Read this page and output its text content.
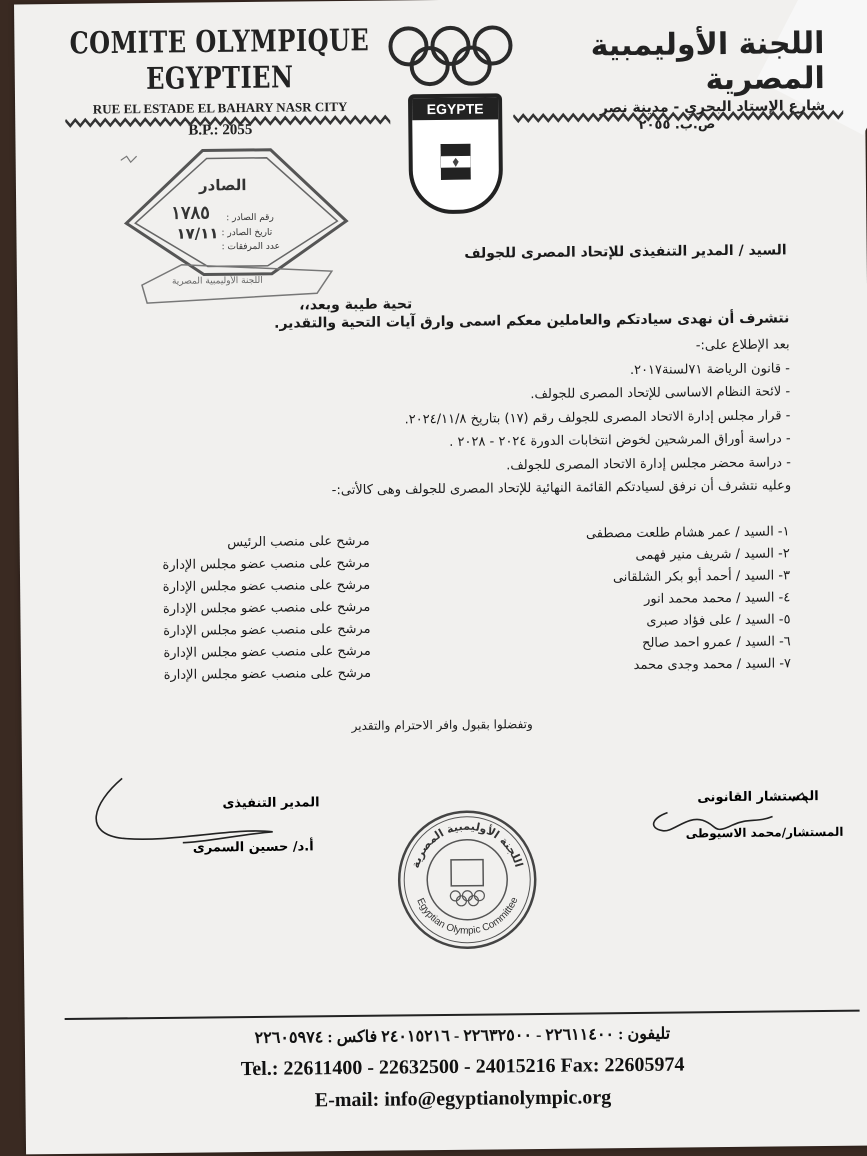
COMITE OLYMPIQUE EGYPTIEN
RUE EL ESTADE EL BAHARY NASR CITY
B.P.: 2055
اللجنة الأوليمبية المصرية
شارع الإستاد البحري - مدينة نصر
ص.ب. ٢٠٥٥
EGYPTE
الصادر
١٧٨٥ رقم الصادر :
تاريخ الصادر :
عدد المرفقات :
١٧/١١
اللجنة الأوليمبية المصرية
السيد / المدير التنفيذى للإتحاد المصرى للجولف
تحية طيبة وبعد،،
نتشرف أن نهدى سيادتكم والعاملين معكم اسمى وارق آيات التحية والتقدير.
بعد الإطلاع على:-
- قانون الرياضة ٧١لسنة٢٠١٧.
- لائحة النظام الاساسى للإتحاد المصرى للجولف.
- قرار مجلس إدارة الاتحاد المصرى للجولف رقم (١٧) بتاريخ ٢٠٢٤/١١/٨.
- دراسة أوراق المرشحين لخوض انتخابات الدورة ٢٠٢٤ - ٢٠٢٨ .
- دراسة محضر مجلس إدارة الاتحاد المصرى للجولف.
وعليه نتشرف أن نرفق لسيادتكم القائمة النهائية للإتحاد المصرى للجولف وهى كالأتى:-
١- السيد / عمر هشام طلعت مصطفى
٢- السيد / شريف منير فهمى
٣- السيد / أحمد أبو بكر الشلقانى
٤- السيد / محمد محمد انور
٥- السيد / على فؤاد صبرى
٦- السيد / عمرو احمد صالح
٧- السيد / محمد وجدى محمد
مرشح على منصب الرئيس
مرشح على منصب عضو مجلس الإدارة
مرشح على منصب عضو مجلس الإدارة
مرشح على منصب عضو مجلس الإدارة
مرشح على منصب عضو مجلس الإدارة
مرشح على منصب عضو مجلس الإدارة
مرشح على منصب عضو مجلس الإدارة
وتفضلوا بقبول وافر الاحترام والتقدير
المدير التنفيذى
أ.د/ حسين السمرى
المستشار القانونى
المستشار/محمد الاسيوطى
اللجنة الأوليمبية المصرية
Egyptian Olympic Committee
تليفون : ٢٢٦١١٤٠٠ - ٢٢٦٣٢٥٠٠ - ٢٤٠١٥٢١٦ فاكس : ٢٢٦٠٥٩٧٤
Tel.: 22611400 - 22632500 - 24015216 Fax: 22605974
E-mail: info@egyptianolympic.org
